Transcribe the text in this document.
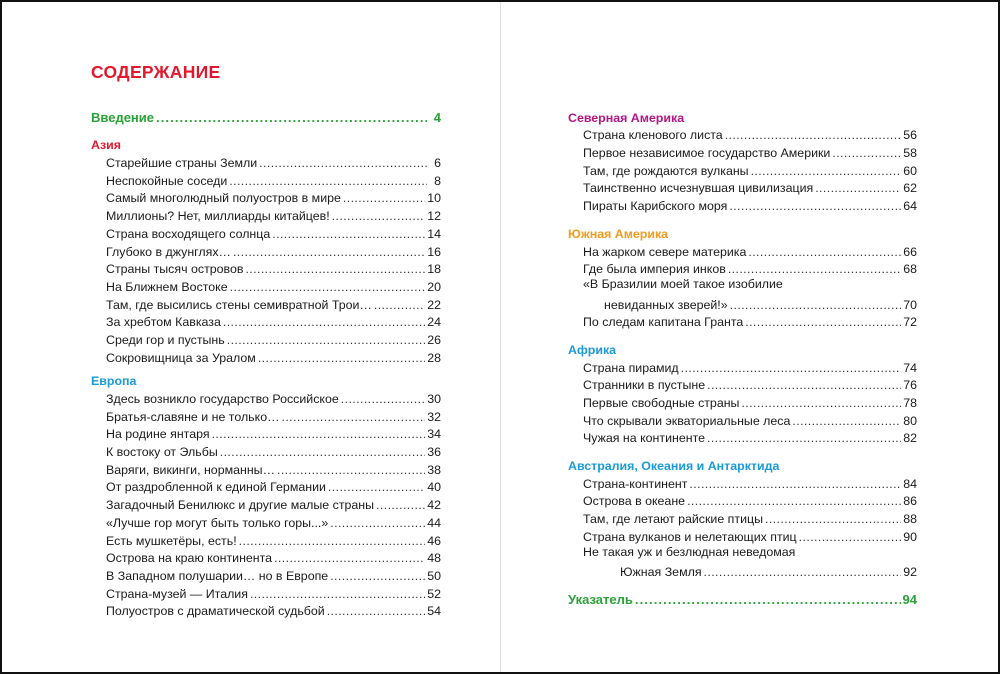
СОДЕРЖАНИЕ
Введение .....	4
Азия
Старейшие страны Земли .....	6
Неспокойные соседи .....	8
Самый многолюдный полуостров в мире .....	10
Миллионы? Нет, миллиарды китайцев! .....	12
Страна восходящего солнца .....	14
Глубоко в джунглях… .....	16
Страны тысяч островов .....	18
На Ближнем Востоке .....	20
Там, где высились стены семивратной Трои… .....	22
За хребтом Кавказа .....	24
Среди гор и пустынь .....	26
Сокровищница за Уралом .....	28
Европа
Здесь возникло государство Российское .....	30
Братья-славяне и не только… .....	32
На родине янтаря .....	34
К востоку от Эльбы .....	36
Варяги, викинги, норманны… .....	38
От раздробленной к единой Германии .....	40
Загадочный Бенилюкс и другие малые страны .....	42
«Лучше гор могут быть только горы...» .....	44
Есть мушкетёры, есть! .....	46
Острова на краю континента .....	48
В Западном полушарии… но в Европе .....	50
Страна-музей — Италия .....	52
Полуостров с драматической судьбой .....	54
Северная Америка
Страна кленового листа .....	56
Первое независимое государство Америки .....	58
Там, где рождаются вулканы .....	60
Таинственно исчезнувшая цивилизация .....	62
Пираты Карибского моря .....	64
Южная Америка
На жарком севере материка .....	66
Где была империя инков .....	68
«В Бразилии моей такое изобилие
невиданных зверей!» .....	70
По следам капитана Гранта .....	72
Африка
Страна пирамид .....	74
Странники в пустыне .....	76
Первые свободные страны .....	78
Что скрывали экваториальные леса .....	80
Чужая на континенте .....	82
Австралия, Океания и Антарктида
Страна-континент .....	84
Острова в океане .....	86
Там, где летают райские птицы .....	88
Страна вулканов и нелетающих птиц .....	90
Не такая уж и безлюдная неведомая
Южная Земля .....	92
Указатель .....	94
